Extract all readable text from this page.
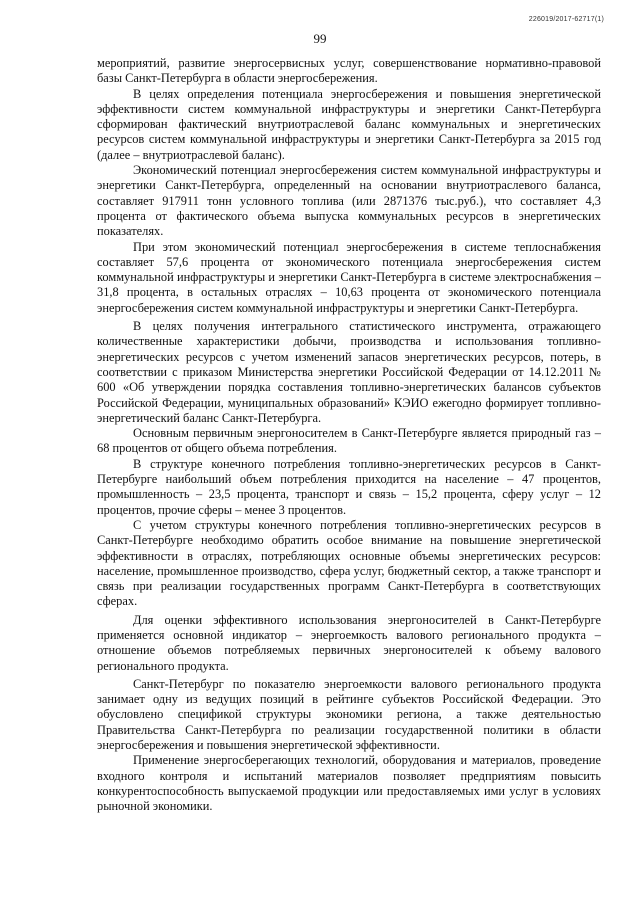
226019/2017-62717(1)
99

мероприятий, развитие энергосервисных услуг, совершенствование нормативно-правовой базы Санкт-Петербурга в области энергосбережения.

В целях определения потенциала энергосбережения и повышения энергетической эффективности систем коммунальной инфраструктуры и энергетики Санкт-Петербурга сформирован фактический внутриотраслевой баланс коммунальных и энергетических ресурсов систем коммунальной инфраструктуры и энергетики Санкт-Петербурга за 2015 год (далее – внутриотраслевой баланс).

Экономический потенциал энергосбережения систем коммунальной инфраструктуры и энергетики Санкт-Петербурга, определенный на основании внутриотраслевого баланса, составляет 917911 тонн условного топлива (или 2871376 тыс.руб.), что составляет 4,3 процента от фактического объема выпуска коммунальных ресурсов в энергетических показателях.

При этом экономический потенциал энергосбережения в системе теплоснабжения составляет 57,6 процента от экономического потенциала энергосбережения систем коммунальной инфраструктуры и энергетики Санкт-Петербурга в системе электроснабжения – 31,8 процента, в остальных отраслях – 10,63 процента от экономического потенциала энергосбережения систем коммунальной инфраструктуры и энергетики Санкт-Петербурга.

В целях получения интегрального статистического инструмента, отражающего количественные характеристики добычи, производства и использования топливно-энергетических ресурсов с учетом изменений запасов энергетических ресурсов, потерь, в соответствии с приказом Министерства энергетики Российской Федерации от 14.12.2011 № 600 «Об утверждении порядка составления топливно-энергетических балансов субъектов Российской Федерации, муниципальных образований» КЭИО ежегодно формирует топливно-энергетический баланс Санкт-Петербурга.

Основным первичным энергоносителем в Санкт-Петербурге является природный газ – 68 процентов от общего объема потребления.

В структуре конечного потребления топливно-энергетических ресурсов в Санкт-Петербурге наибольший объем потребления приходится на население – 47 процентов, промышленность – 23,5 процента, транспорт и связь – 15,2 процента, сферу услуг – 12 процентов, прочие сферы – менее 3 процентов.

С учетом структуры конечного потребления топливно-энергетических ресурсов в Санкт-Петербурге необходимо обратить особое внимание на повышение энергетической эффективности в отраслях, потребляющих основные объемы энергетических ресурсов: население, промышленное производство, сфера услуг, бюджетный сектор, а также транспорт и связь при реализации государственных программ Санкт-Петербурга в соответствующих сферах.

Для оценки эффективного использования энергоносителей в Санкт-Петербурге применяется основной индикатор – энергоемкость валового регионального продукта – отношение объемов потребляемых первичных энергоносителей к объему валового регионального продукта.

Санкт-Петербург по показателю энергоемкости валового регионального продукта занимает одну из ведущих позиций в рейтинге субъектов Российской Федерации. Это обусловлено спецификой структуры экономики региона, а также деятельностью Правительства Санкт-Петербурга по реализации государственной политики в области энергосбережения и повышения энергетической эффективности.

Применение энергосберегающих технологий, оборудования и материалов, проведение входного контроля и испытаний материалов позволяет предприятиям повысить конкурентоспособность выпускаемой продукции или предоставляемых ими услуг в условиях рыночной экономики.
